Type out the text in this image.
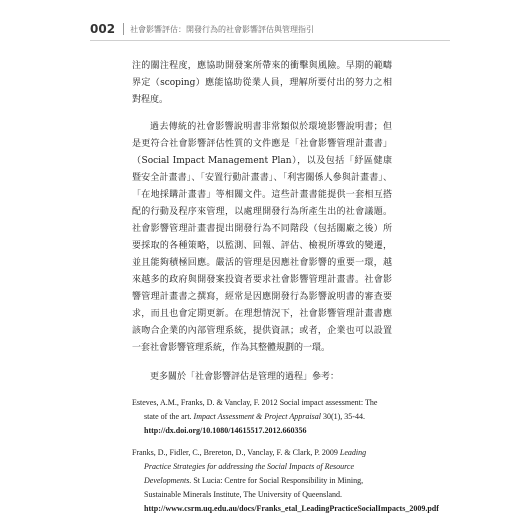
002 社會影響評估：開發行為的社會影響評估與管理指引

注的關注程度，應協助開發案所帶來的衝擊與風險。早期的範疇界定（scoping）應能協助從業人員，理解所要付出的努力之相對程度。

過去傳統的社會影響說明書非常類似於環境影響說明書；但是更符合社會影響評估性質的文件應是「社會影響管理計畫書」（Social Impact Management Plan），以及包括「紓區健康暨安全計畫書」、「安置行動計畫書」、「利害關係人參與計畫書」、「在地採購計畫書」等相關文件。這些計畫書能提供一套相互搭配的行動及程序來管理，以處理開發行為所產生出的社會議題。社會影響管理計畫書提出開發行為不同階段（包括關廠之後）所要採取的各種策略，以監測、回報、評估、檢視所導致的變遷，並且能夠積極回應。嚴活的管理是因應社會影響的重要一環，越來越多的政府與開發案投資者要求社會影響管理計畫書。社會影響管理計畫書之撰寫，經常是因應開發行為影響說明書的審查要求，而且也會定期更新。在理想情況下，社會影響管理計畫書應該吻合企業的內部管理系統，提供資訊；或者，企業也可以設置一套社會影響管理系統，作為其整體規劃的一環。

更多關於「社會影響評估是管理的過程」參考：

Esteves, A.M., Franks, D. & Vanclay, F. 2012 Social impact assessment: The state of the art. Impact Assessment & Project Appraisal 30(1), 35-44. http://dx.doi.org/10.1080/14615517.2012.660356

Franks, D., Fidler, C., Brereton, D., Vanclay, F. & Clark, P. 2009 Leading Practice Strategies for addressing the Social Impacts of Resource Developments. St Lucia: Centre for Social Responsibility in Mining, Sustainable Minerals Institute, The University of Queensland. http://www.csrm.uq.edu.au/docs/Franks_etal_LeadingPracticeSocialImpacts_2009.pdf
